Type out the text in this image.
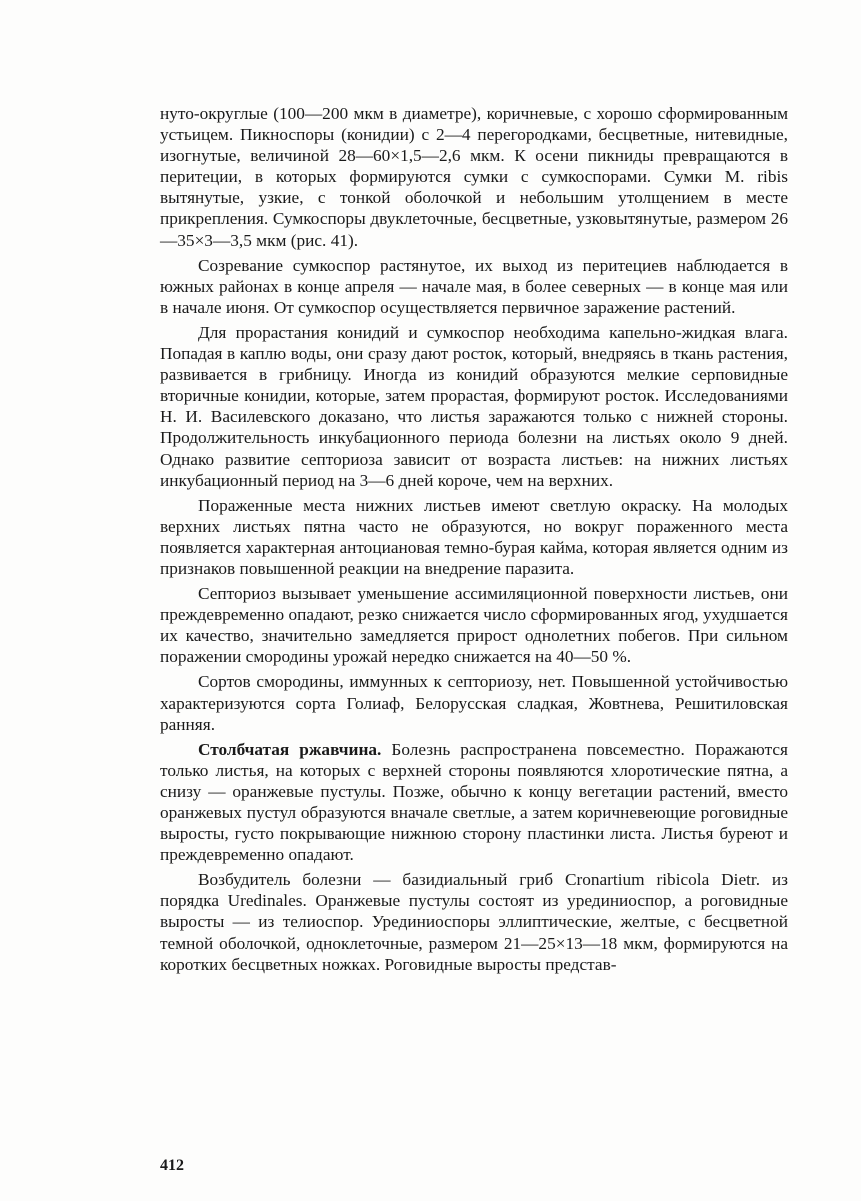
нуто-округлые (100—200 мкм в диаметре), коричневые, с хорошо сформированным устьицем. Пикноспоры (конидии) с 2—4 перегородками, бесцветные, нитевидные, изогнутые, величиной 28—60×1,5—2,6 мкм. К осени пикниды превращаются в перитеции, в которых формируются сумки с сумкоспорами. Сумки M. ribis вытянутые, узкие, с тонкой оболочкой и небольшим утолщением в месте прикрепления. Сумкоспоры двуклеточные, бесцветные, узковытянутые, размером 26—35×3—3,5 мкм (рис. 41).

Созревание сумкоспор растянутое, их выход из перитециев наблюдается в южных районах в конце апреля — начале мая, в более северных — в конце мая или в начале июня. От сумкоспор осуществляется первичное заражение растений.

Для прорастания конидий и сумкоспор необходима капельно-жидкая влага. Попадая в каплю воды, они сразу дают росток, который, внедряясь в ткань растения, развивается в грибницу. Иногда из конидий образуются мелкие серповидные вторичные конидии, которые, затем прорастая, формируют росток. Исследованиями Н. И. Василевского доказано, что листья заражаются только с нижней стороны. Продолжительность инкубационного периода болезни на листьях около 9 дней. Однако развитие септориоза зависит от возраста листьев: на нижних листьях инкубационный период на 3—6 дней короче, чем на верхних.

Пораженные места нижних листьев имеют светлую окраску. На молодых верхних листьях пятна часто не образуются, но вокруг пораженного места появляется характерная антоциановая темно-бурая кайма, которая является одним из признаков повышенной реакции на внедрение паразита.

Септориоз вызывает уменьшение ассимиляционной поверхности листьев, они преждевременно опадают, резко снижается число сформированных ягод, ухудшается их качество, значительно замедляется прирост однолетних побегов. При сильном поражении смородины урожай нередко снижается на 40—50 %.

Сортов смородины, иммунных к септориозу, нет. Повышенной устойчивостью характеризуются сорта Голиаф, Белорусская сладкая, Жовтнева, Решитиловская ранняя.

Столбчатая ржавчина. Болезнь распространена повсеместно. Поражаются только листья, на которых с верхней стороны появляются хлоротические пятна, а снизу — оранжевые пустулы. Позже, обычно к концу вегетации растений, вместо оранжевых пустул образуются вначале светлые, а затем коричневеющие роговидные выросты, густо покрывающие нижнюю сторону пластинки листа. Листья буреют и преждевременно опадают.

Возбудитель болезни — базидиальный гриб Cronartium ribicola Dietr. из порядка Uredinales. Оранжевые пустулы состоят из урединиоспор, а роговидные выросты — из телиоспор. Урединиоспоры эллиптические, желтые, с бесцветной темной оболочкой, одноклеточные, размером 21—25×13—18 мкм, формируются на коротких бесцветных ножках. Роговидные выросты представ-

412
